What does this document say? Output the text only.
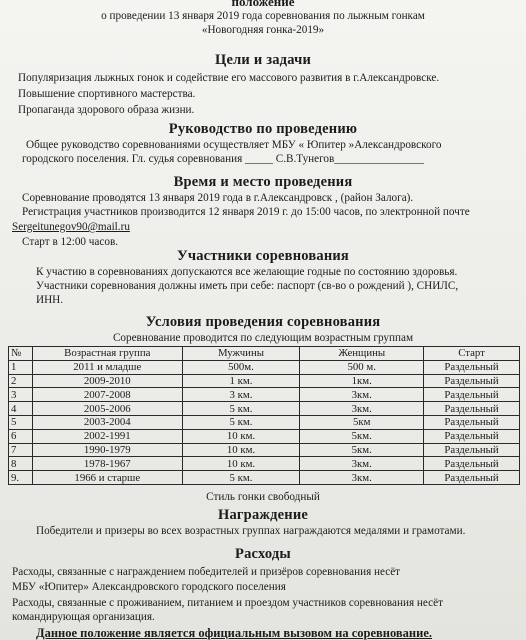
положение
о проведении 13 января 2019 года соревнования по лыжным гонкам
«Новогодняя гонка-2019»
Цели и задачи
Популяризация лыжных гонок и содействие его массового развития в г.Александровске.
Повышение спортивного мастерства.
Пропаганда здорового образа жизни.
Руководство по проведению
Общее руководство соревнованиями осуществляет МБУ « Юпитер »Александровского
городского поселения. Гл. судья соревнования _____ С.В.Тунегов________________
Время и место проведения
Соревнование проводятся 13 января 2019 года в г.Александровск , (район Залога).
Регистрация участников производится 12 января 2019 г. до 15:00 часов, по электронной почте
Sergeitunegov90@mail.ru
Старт в 12:00 часов.
Участники соревнования
К участию в соревнованиях допускаются все желающие годные по состоянию здоровья.
Участники соревнования должны иметь при себе: паспорт (св-во о рождений ), СНИЛС,
ИНН.
Условия проведения соревнования
Соревнование проводится по следующим возрастным группам
№	Возрастная группа	Мужчины	Женщины	Старт
1	2011 и младше	500м.	500 м.	Раздельный
2	2009-2010	1 км.	1км.	Раздельный
3	2007-2008	3 км.	3км.	Раздельный
4	2005-2006	5 км.	3км.	Раздельный
5	2003-2004	5 км.	5км	Раздельный
6	2002-1991	10 км.	5км.	Раздельный
7	1990-1979	10 км.	5км.	Раздельный
8	1978-1967	10 км.	3км.	Раздельный
9.	1966 и старше	5 км.	3км.	Раздельный
Стиль гонки свободный
Награждение
Победители и призеры во всех возрастных группах награждаются медалями и грамотами.
Расходы
Расходы, связанные с награждением победителей и призёров соревнования несёт
МБУ «Юпитер» Александровского городского поселения
Расходы, связанные с проживанием, питанием и проездом участников соревнования несёт
командирующая организация.
Данное положение является официальным вызовом на соревнование.
